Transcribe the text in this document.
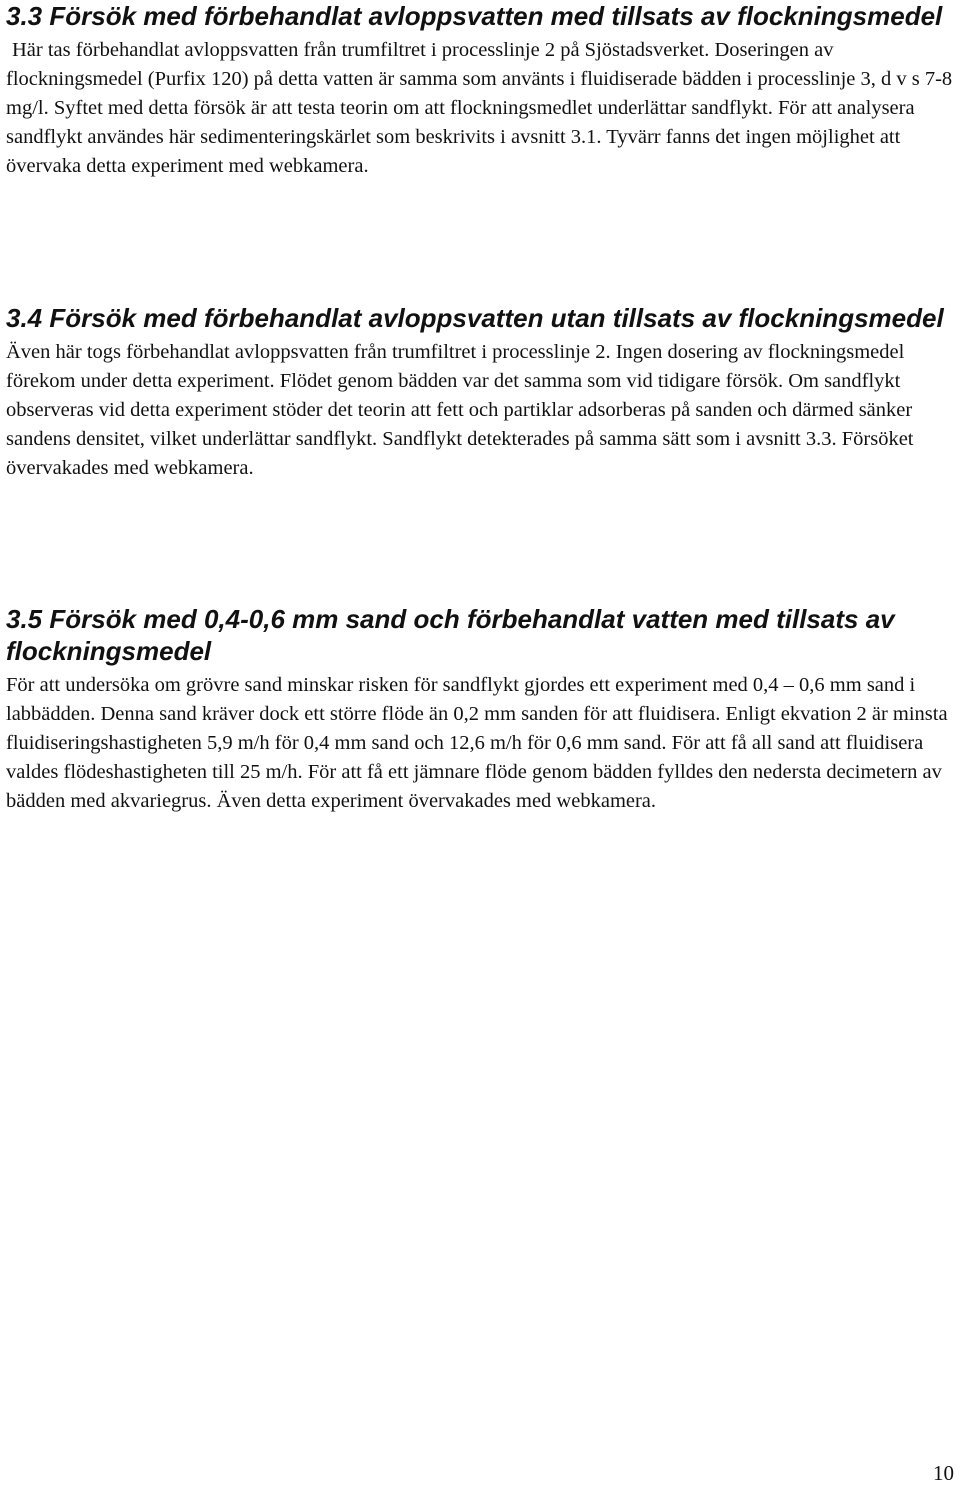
3.3 Försök med förbehandlat avloppsvatten med tillsats av flockningsmedel

Här tas förbehandlat avloppsvatten från trumfiltret i processlinje 2 på Sjöstadsverket. Doseringen av flockningsmedel (Purfix 120) på detta vatten är samma som använts i fluidiserade bädden i processlinje 3, d v s 7-8 mg/l. Syftet med detta försök är att testa teorin om att flockningsmedlet underlättar sandflykt. För att analysera sandflykt användes här sedimenteringskärlet som beskrivits i avsnitt 3.1. Tyvärr fanns det ingen möjlighet att övervaka detta experiment med webkamera.

3.4 Försök med förbehandlat avloppsvatten utan tillsats av flockningsmedel

Även här togs förbehandlat avloppsvatten från trumfiltret i processlinje 2. Ingen dosering av flockningsmedel förekom under detta experiment. Flödet genom bädden var det samma som vid tidigare försök. Om sandflykt observeras vid detta experiment stöder det teorin att fett och partiklar adsorberas på sanden och därmed sänker sandens densitet, vilket underlättar sandflykt. Sandflykt detekterades på samma sätt som i avsnitt 3.3. Försöket övervakades med webkamera.

3.5 Försök med 0,4-0,6 mm sand och förbehandlat vatten med tillsats av flockningsmedel

För att undersöka om grövre sand minskar risken för sandflykt gjordes ett experiment med 0,4 – 0,6 mm sand i labbädden. Denna sand kräver dock ett större flöde än 0,2 mm sanden för att fluidisera. Enligt ekvation 2 är minsta fluidiseringshastigheten 5,9 m/h för 0,4 mm sand och 12,6 m/h för 0,6 mm sand. För att få all sand att fluidisera valdes flödeshastigheten till 25 m/h. För att få ett jämnare flöde genom bädden fylldes den nedersta decimetern av bädden med akvariegrus. Även detta experiment övervakades med webkamera.

10
